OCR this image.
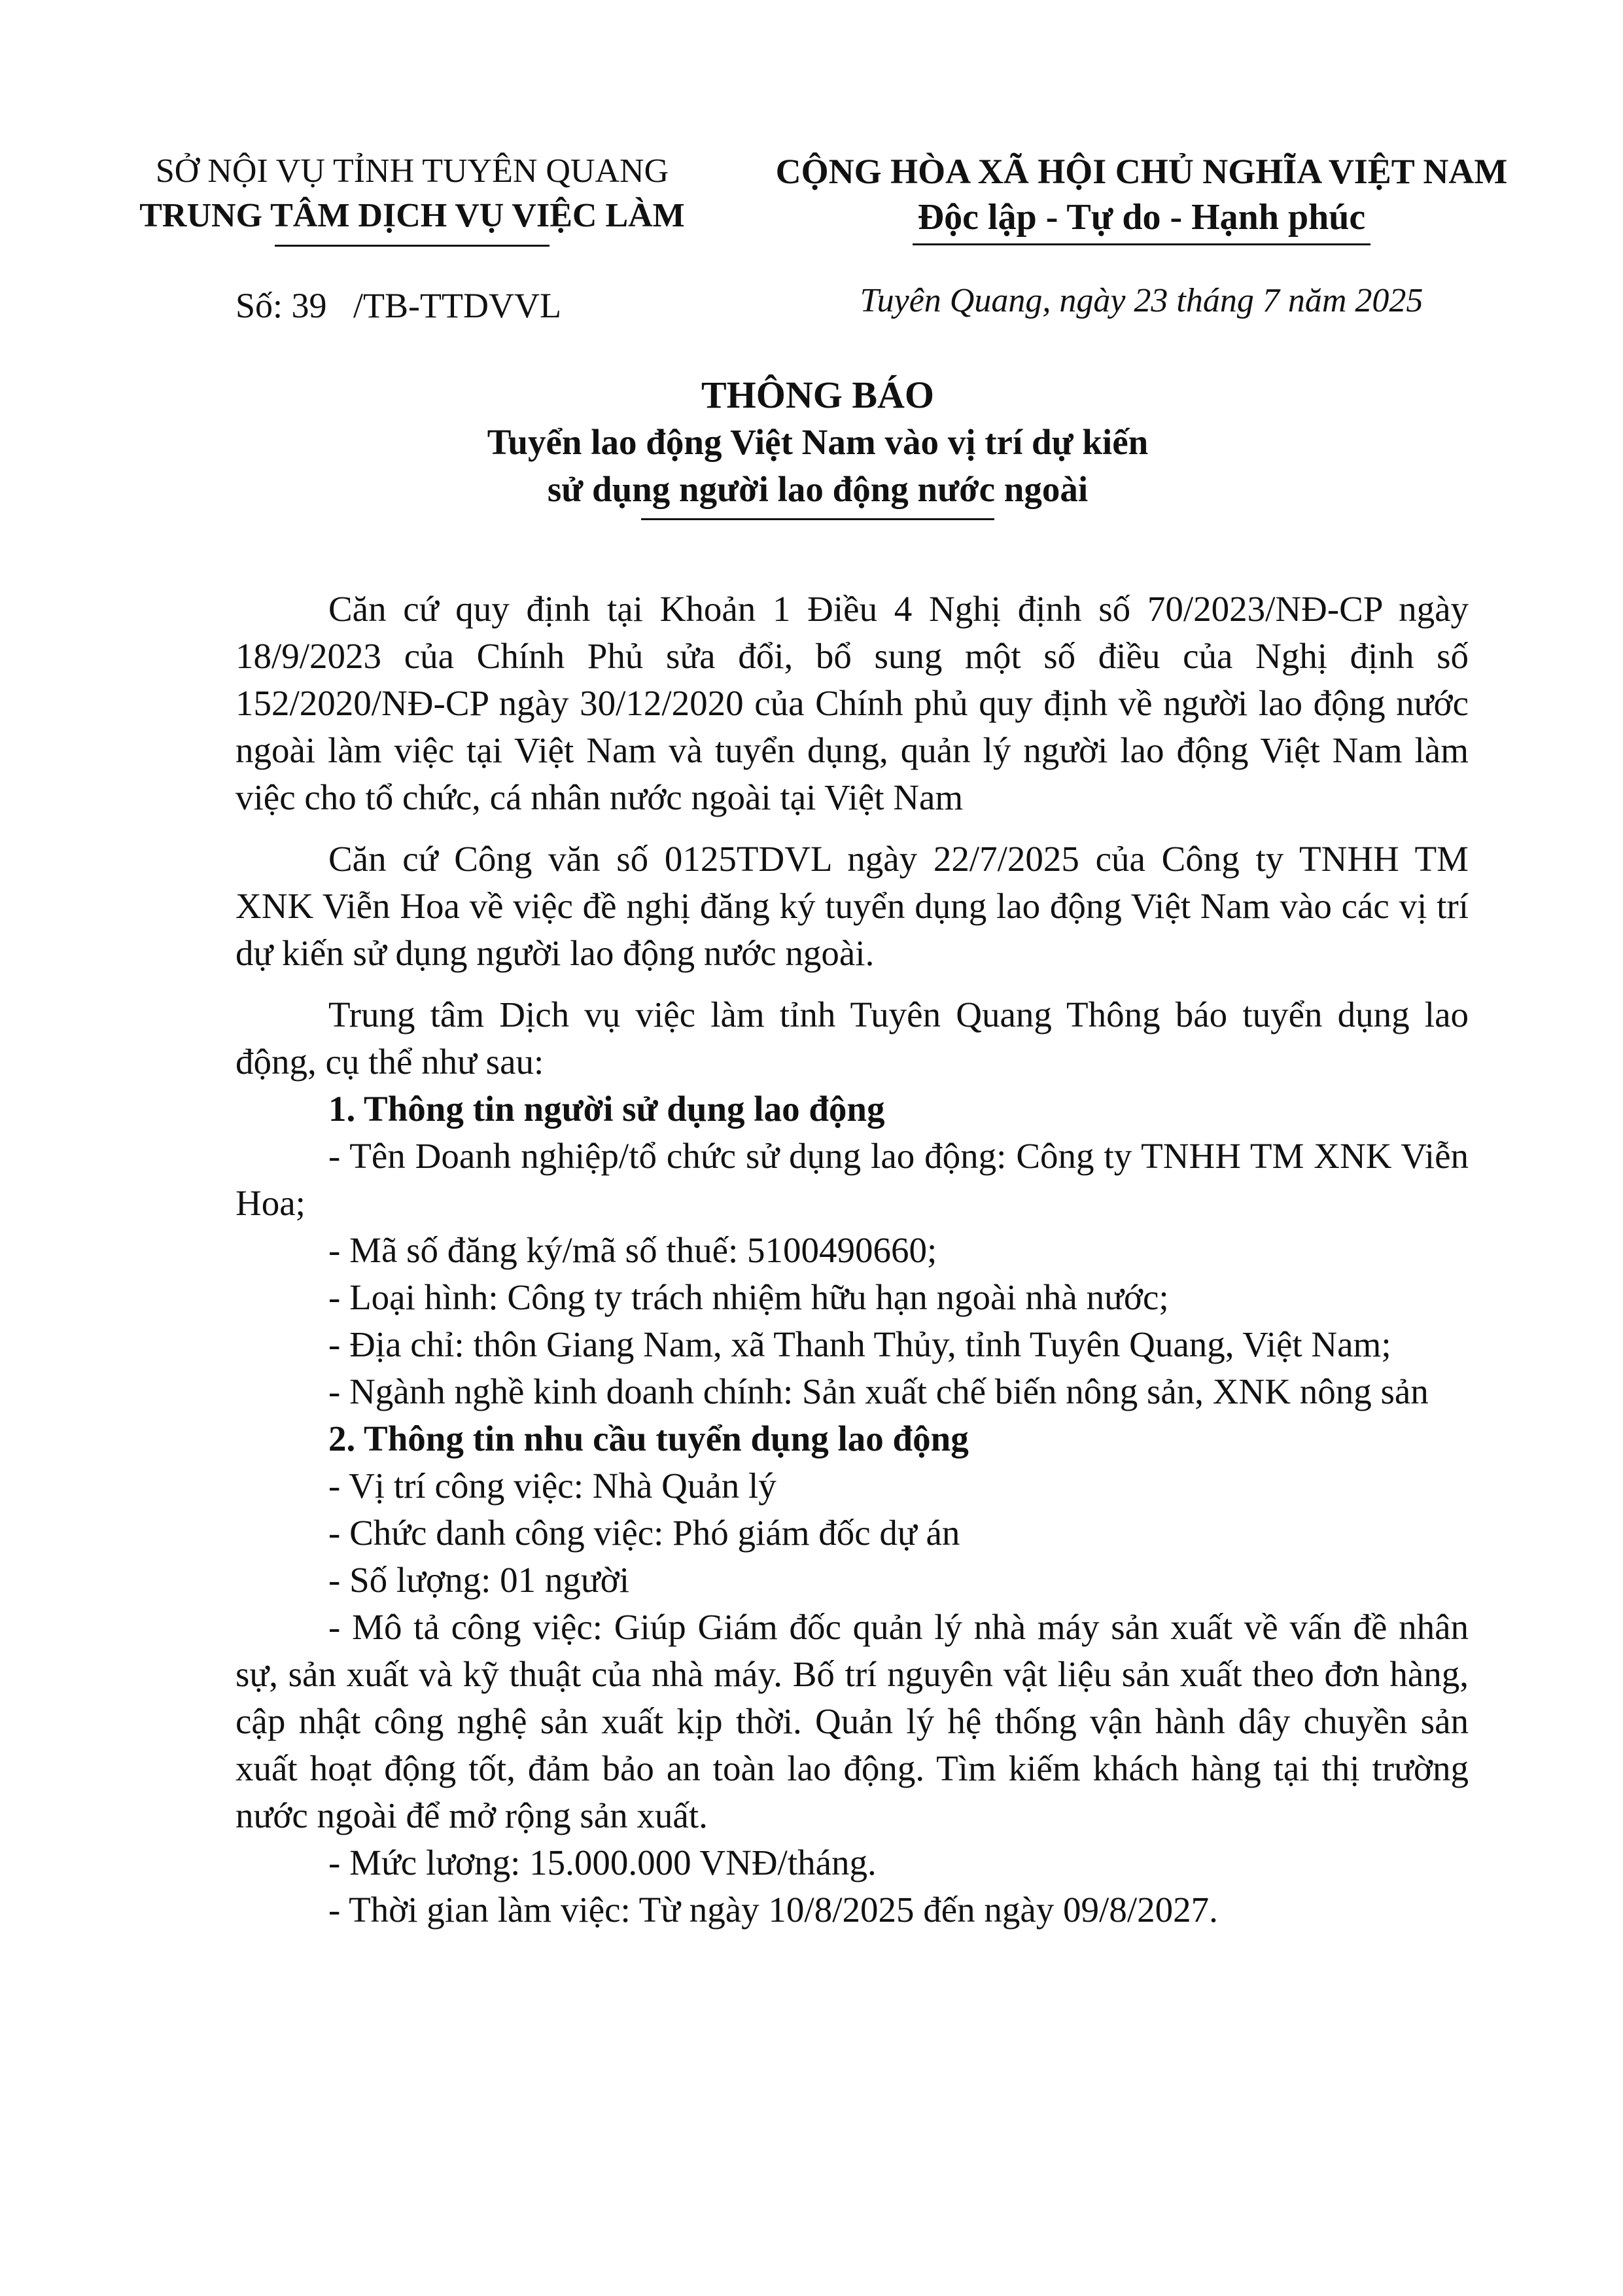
SỞ NỘI VỤ TỈNH TUYÊN QUANG
TRUNG TÂM DỊCH VỤ VIỆC LÀM
CỘNG HÒA XÃ HỘI CHỦ NGHĨA VIỆT NAM
Độc lập - Tự do - Hạnh phúc
Số: 39   /TB-TTDVVL	Tuyên Quang, ngày 23 tháng 7 năm 2025
THÔNG BÁO
Tuyển lao động Việt Nam vào vị trí dự kiến
sử dụng người lao động nước ngoài

Căn cứ quy định tại Khoản 1 Điều 4 Nghị định số 70/2023/NĐ-CP ngày 18/9/2023 của Chính Phủ sửa đổi, bổ sung một số điều của Nghị định số 152/2020/NĐ-CP ngày 30/12/2020 của Chính phủ quy định về người lao động nước ngoài làm việc tại Việt Nam và tuyển dụng, quản lý người lao động Việt Nam làm việc cho tổ chức, cá nhân nước ngoài tại Việt Nam

Căn cứ Công văn số 0125TDVL ngày 22/7/2025 của Công ty TNHH TM XNK Viễn Hoa về việc đề nghị đăng ký tuyển dụng lao động Việt Nam vào các vị trí dự kiến sử dụng người lao động nước ngoài.

Trung tâm Dịch vụ việc làm tỉnh Tuyên Quang Thông báo tuyển dụng lao động, cụ thể như sau:

1. Thông tin người sử dụng lao động

- Tên Doanh nghiệp/tổ chức sử dụng lao động: Công ty TNHH TM XNK Viễn Hoa;

- Mã số đăng ký/mã số thuế: 5100490660;

- Loại hình: Công ty trách nhiệm hữu hạn ngoài nhà nước;

- Địa chỉ: thôn Giang Nam, xã Thanh Thủy, tỉnh Tuyên Quang, Việt Nam;

- Ngành nghề kinh doanh chính: Sản xuất chế biến nông sản, XNK nông sản

2. Thông tin nhu cầu tuyển dụng lao động

- Vị trí công việc: Nhà Quản lý

- Chức danh công việc: Phó giám đốc dự án

- Số lượng: 01 người

- Mô tả công việc: Giúp Giám đốc quản lý nhà máy sản xuất về vấn đề nhân sự, sản xuất và kỹ thuật của nhà máy. Bố trí nguyên vật liệu sản xuất theo đơn hàng, cập nhật công nghệ sản xuất kịp thời. Quản lý hệ thống vận hành dây chuyền sản xuất hoạt động tốt, đảm bảo an toàn lao động. Tìm kiếm khách hàng tại thị trường nước ngoài để mở rộng sản xuất.

- Mức lương: 15.000.000 VNĐ/tháng.

- Thời gian làm việc: Từ ngày 10/8/2025 đến ngày 09/8/2027.
